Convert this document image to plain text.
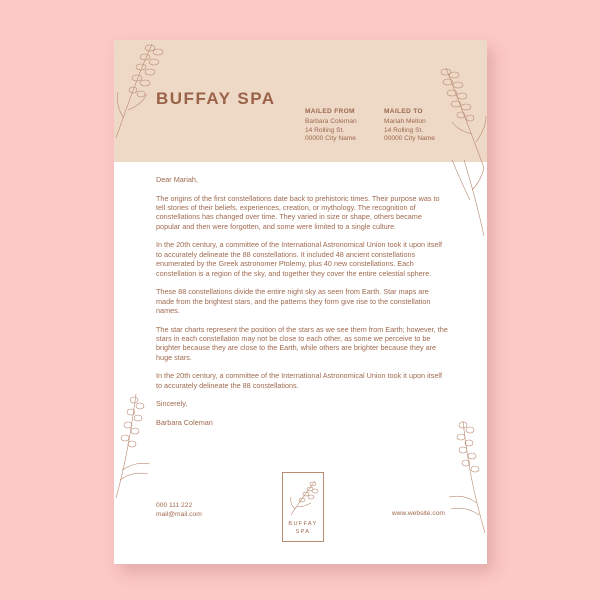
BUFFAY SPA
MAILED FROM
Barbara Coleman
14 Rolling St.
00000 City Name
MAILED TO
Mariah Melton
14 Rolling St.
00000 City Name

Dear Mariah,

The origins of the first constellations date back to prehistoric times. Their purpose was to tell stories of their beliefs, experiences, creation, or mythology. The recognition of constellations has changed over time. They varied in size or shape, others became popular and then were forgotten, and some were limited to a single culture.

In the 20th century, a committee of the International Astronomical Union took it upon itself to accurately delineate the 88 constellations. It included 48 ancient constellations enumerated by the Greek astronomer Ptolemy, plus 40 new constellations. Each constellation is a region of the sky, and together they cover the entire celestial sphere.

These 88 constellations divide the entire night sky as seen from Earth. Star maps are made from the brightest stars, and the patterns they form give rise to the constellation names.

The star charts represent the position of the stars as we see them from Earth; however, the stars in each constellation may not be close to each other, as some we perceive to be brighter because they are close to the Earth, while others are brighter because they are huge stars.

In the 20th century, a committee of the International Astronomical Union took it upon itself to accurately delineate the 88 constellations.

Sincerely,

Barbara Coleman

BUFFAY
SPA
000 111 222
mail@mail.com	www.website.com
